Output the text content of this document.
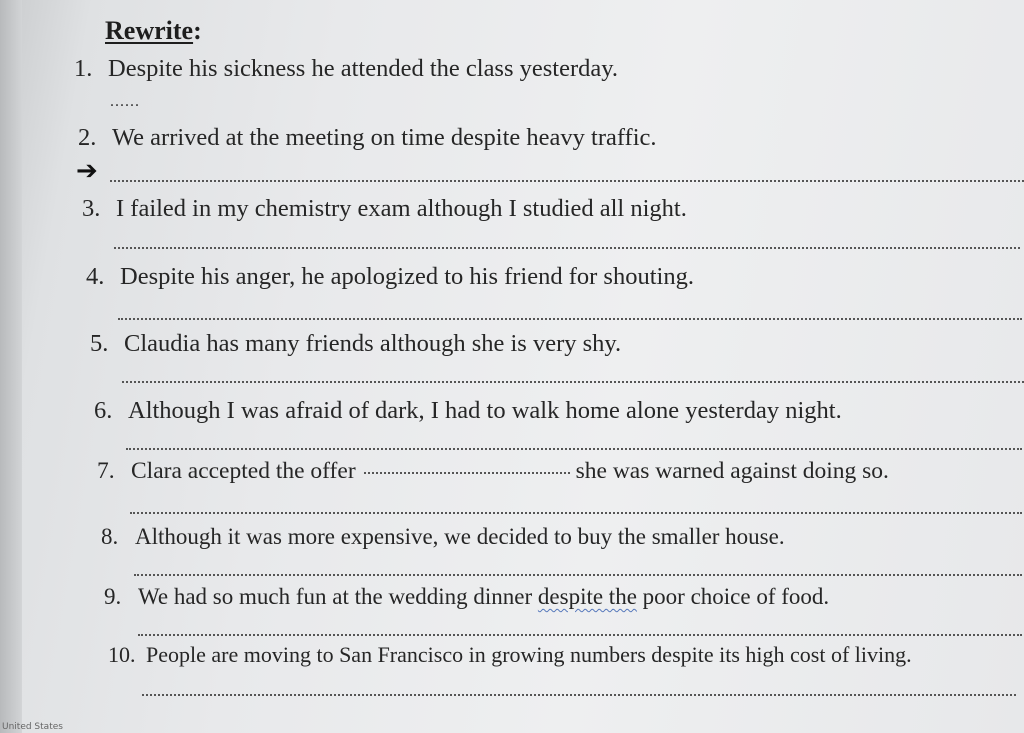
Rewrite:
1. Despite his sickness he attended the class yesterday.
......
2. We arrived at the meeting on time despite heavy traffic.
➔
3. I failed in my chemistry exam although I studied all night.
4. Despite his anger, he apologized to his friend for shouting.
5. Claudia has many friends although she is very shy.
6. Although I was afraid of dark, I had to walk home alone yesterday night.
7. Clara accepted the offer	she was warned against doing so.
8. Although it was more expensive, we decided to buy the smaller house.
9. We had so much fun at the wedding dinner despite the poor choice of food.
10. People are moving to San Francisco in growing numbers despite its high cost of living.
United States
